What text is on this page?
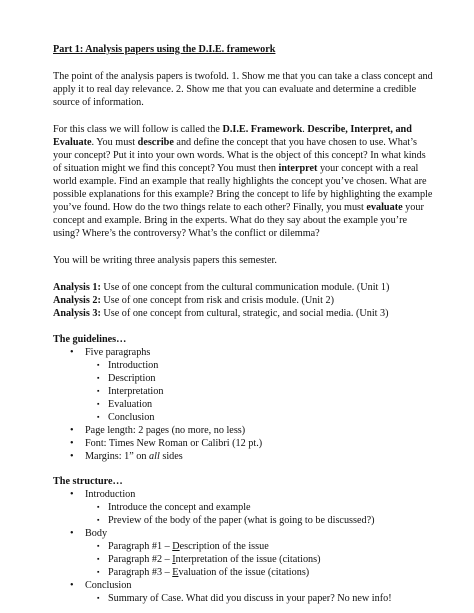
Part 1: Analysis papers using the D.I.E. framework

The point of the analysis papers is twofold. 1. Show me that you can take a class concept and apply it to real day relevance. 2. Show me that you can evaluate and determine a credible source of information.

For this class we will follow is called the D.I.E. Framework. Describe, Interpret, and Evaluate. You must describe and define the concept that you have chosen to use. What’s your concept? Put it into your own words. What is the object of this concept? In what kinds of situation might we find this concept? You must then interpret your concept with a real world example. Find an example that really highlights the concept you’ve chosen. What are possible explanations for this example? Bring the concept to life by highlighting the example you’ve found. How do the two things relate to each other? Finally, you must evaluate your concept and example. Bring in the experts. What do they say about the example you’re using? Where’s the controversy? What’s the conflict or dilemma?

You will be writing three analysis papers this semester.

Analysis 1: Use of one concept from the cultural communication module. (Unit 1)

Analysis 2: Use of one concept from risk and crisis module. (Unit 2)

Analysis 3: Use of one concept from cultural, strategic, and social media. (Unit 3)

The guidelines…

• Five paragraphs
▪ Introduction
▪ Description
▪ Interpretation
▪ Evaluation
▪ Conclusion
• Page length: 2 pages (no more, no less)
• Font: Times New Roman or Calibri (12 pt.)
• Margins: 1” on all sides

The structure…

• Introduction
▪ Introduce the concept and example
▪ Preview of the body of the paper (what is going to be discussed?)
• Body
▪ Paragraph #1 – Description of the issue
▪ Paragraph #2 – Interpretation of the issue (citations)
▪ Paragraph #3 – Evaluation of the issue (citations)
• Conclusion
▪ Summary of Case. What did you discuss in your paper? No new info!
